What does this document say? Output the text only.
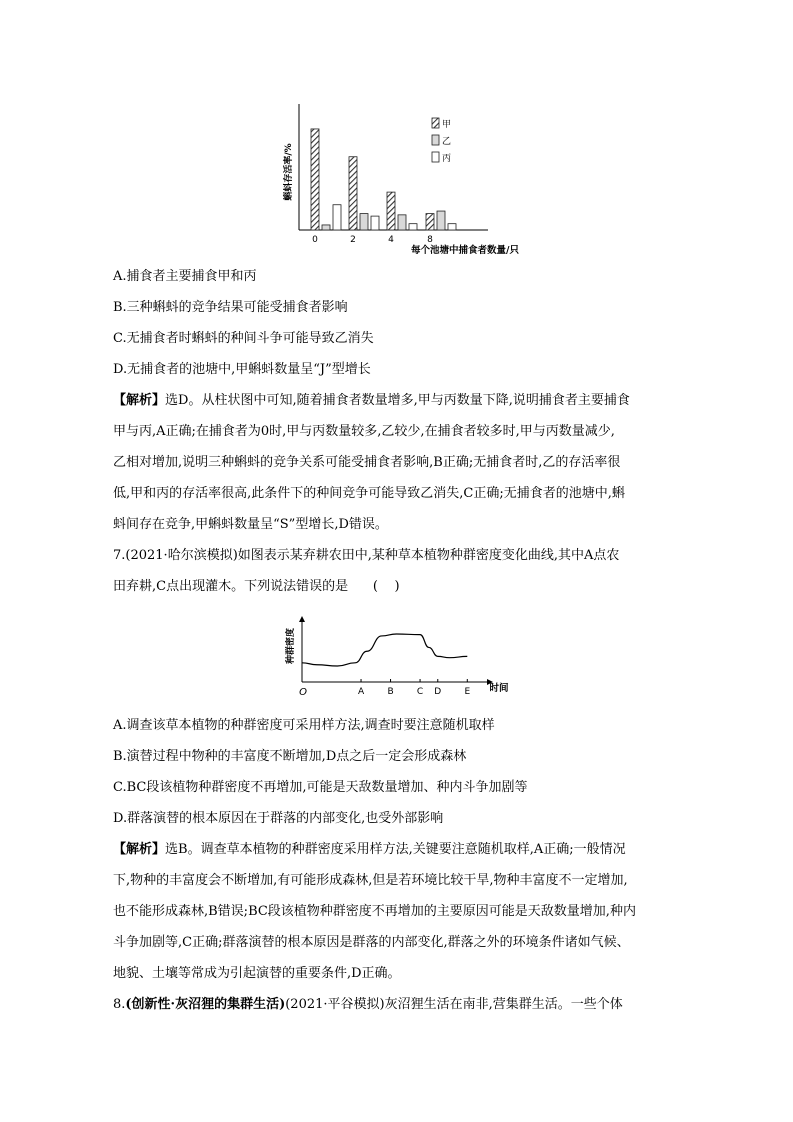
0	2	4	8
甲
乙
丙
蝌蚪存活率/%
每个池塘中捕食者数量/只
A.捕食者主要捕食甲和丙
B.三种蝌蚪的竞争结果可能受捕食者影响
C.无捕食者时蝌蚪的种间斗争可能导致乙消失
D.无捕食者的池塘中,甲蝌蚪数量呈“J”型增长
【解析】选D。从柱状图中可知,随着捕食者数量增多,甲与丙数量下降,说明捕食者主要捕食
甲与丙,A正确;在捕食者为0时,甲与丙数量较多,乙较少,在捕食者较多时,甲与丙数量减少,
乙相对增加,说明三种蝌蚪的竞争关系可能受捕食者影响,B正确;无捕食者时,乙的存活率很
低,甲和丙的存活率很高,此条件下的种间竞争可能导致乙消失,C正确;无捕食者的池塘中,蝌
蚪间存在竞争,甲蝌蚪数量呈“S”型增长,D错误。
7.(2021·哈尔滨模拟)如图表示某弃耕农田中,某种草本植物种群密度变化曲线,其中A点农
田弃耕,C点出现灌木。下列说法错误的是      (    )
A	B	C D	E
种群密度
时间
O
A.调查该草本植物的种群密度可采用样方法,调查时要注意随机取样
B.演替过程中物种的丰富度不断增加,D点之后一定会形成森林
C.BC段该植物种群密度不再增加,可能是天敌数量增加、种内斗争加剧等
D.群落演替的根本原因在于群落的内部变化,也受外部影响
【解析】选B。调查草本植物的种群密度采用样方法,关键要注意随机取样,A正确;一般情况
下,物种的丰富度会不断增加,有可能形成森林,但是若环境比较干旱,物种丰富度不一定增加,
也不能形成森林,B错误;BC段该植物种群密度不再增加的主要原因可能是天敌数量增加,种内
斗争加剧等,C正确;群落演替的根本原因是群落的内部变化,群落之外的环境条件诸如气候、
地貌、土壤等常成为引起演替的重要条件,D正确。
8.(创新性·灰沼狸的集群生活)(2021·平谷模拟)灰沼狸生活在南非,营集群生活。一些个体
